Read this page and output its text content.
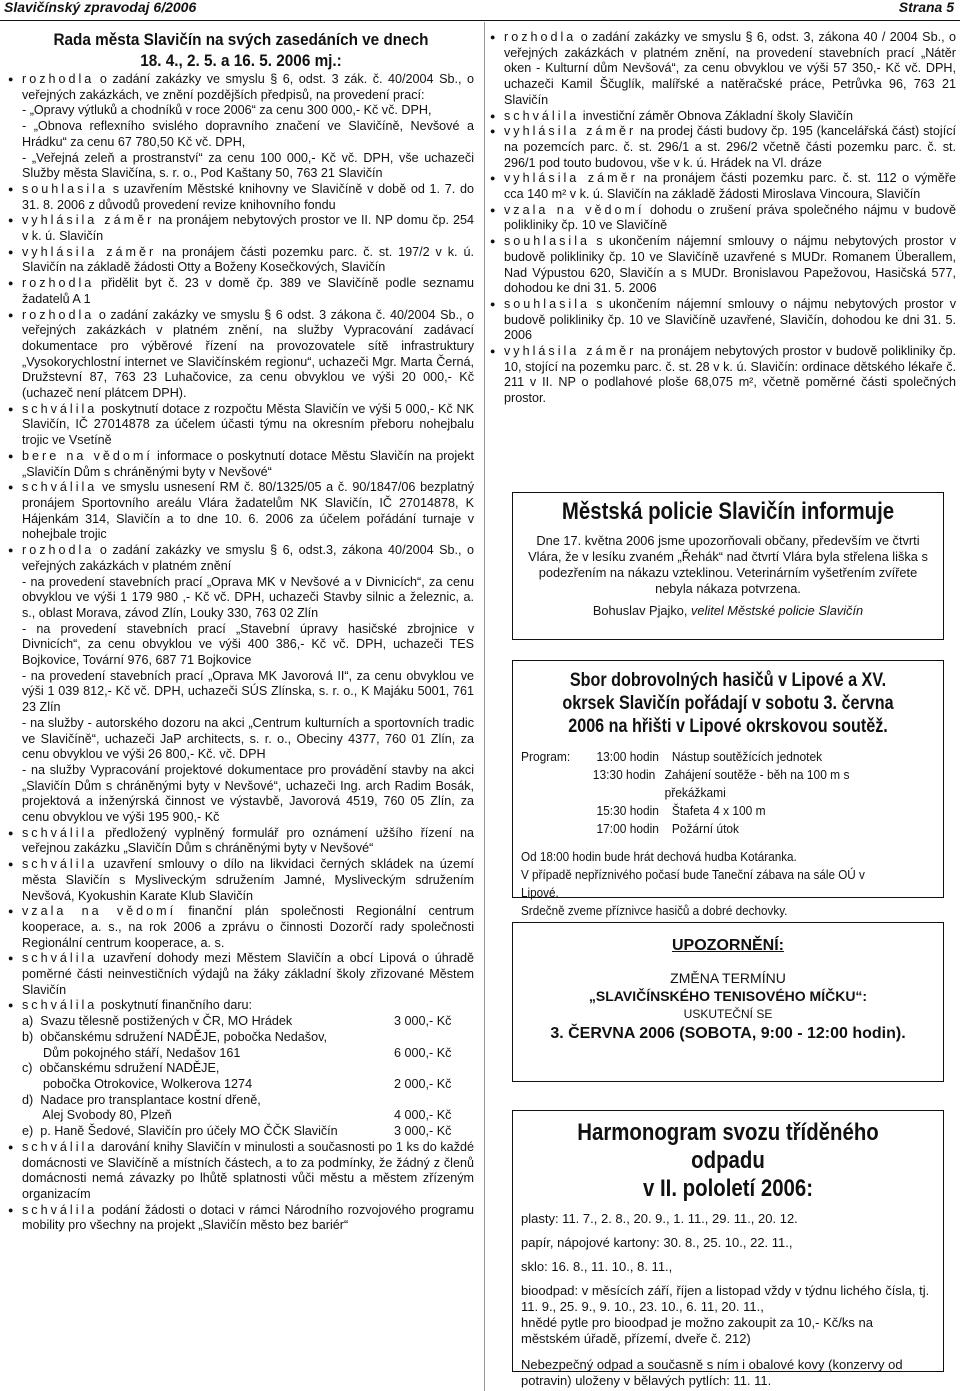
Slavičínský zpravodaj 6/2006	Strana 5
Rada města Slavičín na svých zasedáních ve dnech
18. 4., 2. 5. a 16. 5. 2006 mj.:
● rozhodla o zadání zakázky ve smyslu § 6, odst. 3 zák. č. 40/2004 Sb., o veřejných zakázkách, ve znění pozdějších předpisů, na provedení prací:
- „Opravy výtluků a chodníků v roce 2006“ za cenu 300 000,- Kč vč. DPH,
- „Obnova reflexního svislého dopravního značení ve Slavičíně, Nevšové a Hrádku“ za cenu 67 780,50 Kč vč. DPH,
- „Veřejná zeleň a prostranství“ za cenu 100 000,- Kč vč. DPH, vše uchazeči Služby města Slavičína, s. r. o., Pod Kaštany 50, 763 21 Slavičín
● souhlasila s uzavřením Městské knihovny ve Slavičíně v době od 1. 7. do 31. 8. 2006 z důvodů provedení revize knihovního fondu
● vyhlásila záměr na pronájem nebytových prostor ve II. NP domu čp. 254 v k. ú. Slavičín
● vyhlásila záměr na pronájem části pozemku parc. č. st. 197/2 v k. ú. Slavičín na základě žádosti Otty a Boženy Kosečkových, Slavičín
● rozhodla přidělit byt č. 23 v domě čp. 389 ve Slavičíně podle seznamu žadatelů A 1
● rozhodla o zadání zakázky ve smyslu § 6 odst. 3 zákona č. 40/2004 Sb., o veřejných zakázkách v platném znění, na služby Vypracování zadávací dokumentace pro výběrové řízení na provozovatele sítě infrastruktury „Vysokorychlostní internet ve Slavičínském regionu“, uchazeči Mgr. Marta Černá, Družstevní 87, 763 23 Luhačovice, za cenu obvyklou ve výši 20 000,- Kč (uchazeč není plátcem DPH).
● schválila poskytnutí dotace z rozpočtu Města Slavičín ve výši 5 000,- Kč NK Slavičín, IČ 27014878 za účelem účasti týmu na okresním přeboru nohejbalu trojic ve Vsetíně
● bere na vědomí informace o poskytnutí dotace Městu Slavičín na projekt „Slavičín Dům s chráněnými byty v Nevšové“
● schválila ve smyslu usnesení RM č. 80/1325/05 a č. 90/1847/06 bezplatný pronájem Sportovního areálu Vlára žadatelům NK Slavičín, IČ 27014878, K Hájenkám 314, Slavičín a to dne 10. 6. 2006 za účelem pořádání turnaje v nohejbale trojic
● rozhodla o zadání zakázky ve smyslu § 6, odst.3, zákona 40/2004 Sb., o veřejných zakázkách v platném znění
- na provedení stavebních prací „Oprava MK v Nevšové a v Divnicích“, za cenu obvyklou ve výši 1 179 980 ,- Kč vč. DPH, uchazeči Stavby silnic a železnic, a. s., oblast Morava, závod Zlín, Louky 330, 763 02 Zlín
- na provedení stavebních prací „Stavební úpravy hasičské zbrojnice v Divnicích“, za cenu obvyklou ve výši 400 386,- Kč vč. DPH, uchazeči TES Bojkovice, Tovární 976, 687 71 Bojkovice
- na provedení stavebních prací „Oprava MK Javorová II“, za cenu obvyklou ve výši 1 039 812,- Kč vč. DPH, uchazeči SÚS Zlínska, s. r. o., K Majáku 5001, 761 23 Zlín
- na služby - autorského dozoru na akci „Centrum kulturních a sportovních tradic ve Slavičíně“, uchazeči JaP architects, s. r. o., Obeciny 4377, 760 01 Zlín, za cenu obvyklou ve výši 26 800,- Kč. vč. DPH
- na služby Vypracování projektové dokumentace pro provádění stavby na akci „Slavičín Dům s chráněnými byty v Nevšové“, uchazeči Ing. arch Radim Bosák, projektová a inženýrská činnost ve výstavbě, Javorová 4519, 760 05 Zlín, za cenu obvyklou ve výši 195 900,- Kč
● schválila předložený vyplněný formulář pro oznámení užšího řízení na veřejnou zakázku „Slavičín Dům s chráněnými byty v Nevšové“
● schválila uzavření smlouvy o dílo na likvidaci černých skládek na území města Slavičín s Mysliveckým sdružením Jamné, Mysliveckým sdružením Nevšová, Kyokushin Karate Klub Slavičín
● vzala na vědomí finanční plán společnosti Regionální centrum kooperace, a. s., na rok 2006 a zprávu o činnosti Dozorčí rady společnosti Regionální centrum kooperace, a. s.
● schválila uzavření dohody mezi Městem Slavičín a obcí Lipová o úhradě poměrné části neinvestičních výdajů na žáky základní školy zřizované Městem Slavičín
● schválila poskytnutí finančního daru:
a)  Svazu tělesně postižených v ČR, MO Hrádek	3 000,- Kč
b)  občanskému sdružení NADĚJE, pobočka Nedašov,
Dům pokojného stáří, Nedašov 161	6 000,- Kč
c)  občanskému sdružení NADĚJE,
pobočka Otrokovice, Wolkerova 1274	2 000,- Kč
d)  Nadace pro transplantace kostní dřeně,
Alej Svobody 80, Plzeň	4 000,- Kč
e)  p. Haně Šedové, Slavičín pro účely MO ČČK Slavičín	3 000,- Kč
● schválila darování knihy Slavičín v minulosti a současnosti po 1 ks do každé domácnosti ve Slavičíně a místních částech, a to za podmínky, že žádný z členů domácnosti nemá závazky po lhůtě splatnosti vůči městu a městem zřízeným organizacím
● schválila podání žádosti o dotaci v rámci Národního rozvojového programu mobility pro všechny na projekt „Slavičín město bez bariér“
● rozhodla o zadání zakázky ve smyslu § 6, odst. 3, zákona 40 / 2004 Sb., o veřejných zakázkách v platném znění, na provedení stavebních prací „Nátěr oken - Kulturní dům Nevšová“, za cenu obvyklou ve výši 57 350,- Kč vč. DPH, uchazeči Kamil Ščuglík, malířské a natěračské práce, Petrůvka 96, 763 21 Slavičín
● schválila investiční záměr Obnova Základní školy Slavičín
● vyhlásila záměr na prodej části budovy čp. 195 (kancelářská část) stojící na pozemcích parc. č. st. 296/1 a st. 296/2 včetně části pozemku parc. č. st. 296/1 pod touto budovou, vše v k. ú. Hrádek na Vl. dráze
● vyhlásila záměr na pronájem části pozemku parc. č. st. 112 o výměře cca 140 m² v k. ú. Slavičín na základě žádosti Miroslava Vincoura, Slavičín
● vzala na vědomí dohodu o zrušení práva společného nájmu v budově polikliniky čp. 10 ve Slavičíně
● souhlasila s ukončením nájemní smlouvy o nájmu nebytových prostor v budově polikliniky čp. 10 ve Slavičíně uzavřené s MUDr. Romanem Überallem, Nad Výpustou 620, Slavičín a s MUDr. Bronislavou Papežovou, Hasičská 577, dohodou ke dni 31. 5. 2006
● souhlasila s ukončením nájemní smlouvy o nájmu nebytových prostor v budově polikliniky čp. 10 ve Slavičíně uzavřené, Slavičín, dohodou ke dni 31. 5. 2006
● vyhlásila záměr na pronájem nebytových prostor v budově polikliniky čp. 10, stojící na pozemku parc. č. st. 28 v k. ú. Slavičín: ordinace dětského lékaře č. 211 v II. NP o podlahové ploše 68,075 m², včetně poměrné části společných prostor.
Městská policie Slavičín informuje
Dne 17. května 2006 jsme upozorňovali občany, především ve čtvrti Vlára, že v lesíku zvaném „Řehák“ nad čtvrtí Vlára byla střelena liška s podezřením na nákazu vzteklinou. Veterinárním vyšetřením zvířete nebyla nákaza potvrzena.
Bohuslav Pjajko, velitel Městské policie Slavičín
Sbor dobrovolných hasičů v Lipové a XV. okrsek Slavičín pořádají v sobotu 3. června 2006 na hřišti v Lipové okrskovou soutěž.
Program:	13:00 hodin Nástup soutěžících jednotek
13:30 hodin Zahájení soutěže - běh na 100 m s překážkami
15:30 hodin Štafeta 4 x 100 m
17:00 hodin Požární útok
Od 18:00 hodin bude hrát dechová hudba Kotáranka.
V případě nepříznivého počasí bude Taneční zábava na sále OÚ v Lipové.
Srdečně zveme příznivce hasičů a dobré dechovky.
UPOZORNĚNÍ:
ZMĚNA TERMÍNU
„SLAVIČÍNSKÉHO TENISOVÉHO MÍČKU“:
USKUTEČNÍ SE
3. ČERVNA 2006 (SOBOTA, 9:00 - 12:00 hodin).
Harmonogram svozu tříděného odpadu
v II. pololetí 2006:
plasty: 11. 7., 2. 8., 20. 9., 1. 11., 29. 11., 20. 12.
papír, nápojové kartony: 30. 8., 25. 10., 22. 11.,
sklo: 16. 8., 11. 10., 8. 11.,
bioodpad: v měsících září, říjen a listopad vždy v týdnu lichého čísla, tj. 11. 9., 25. 9., 9. 10., 23. 10., 6. 11, 20. 11.,
hnědé pytle pro bioodpad je možno zakoupit za 10,- Kč/ks na městském úřadě, přízemí, dveře č. 212)
Nebezpečný odpad a současně s ním i obalové kovy (konzervy od potravin) uloženy v bělavých pytlích: 11. 11.
